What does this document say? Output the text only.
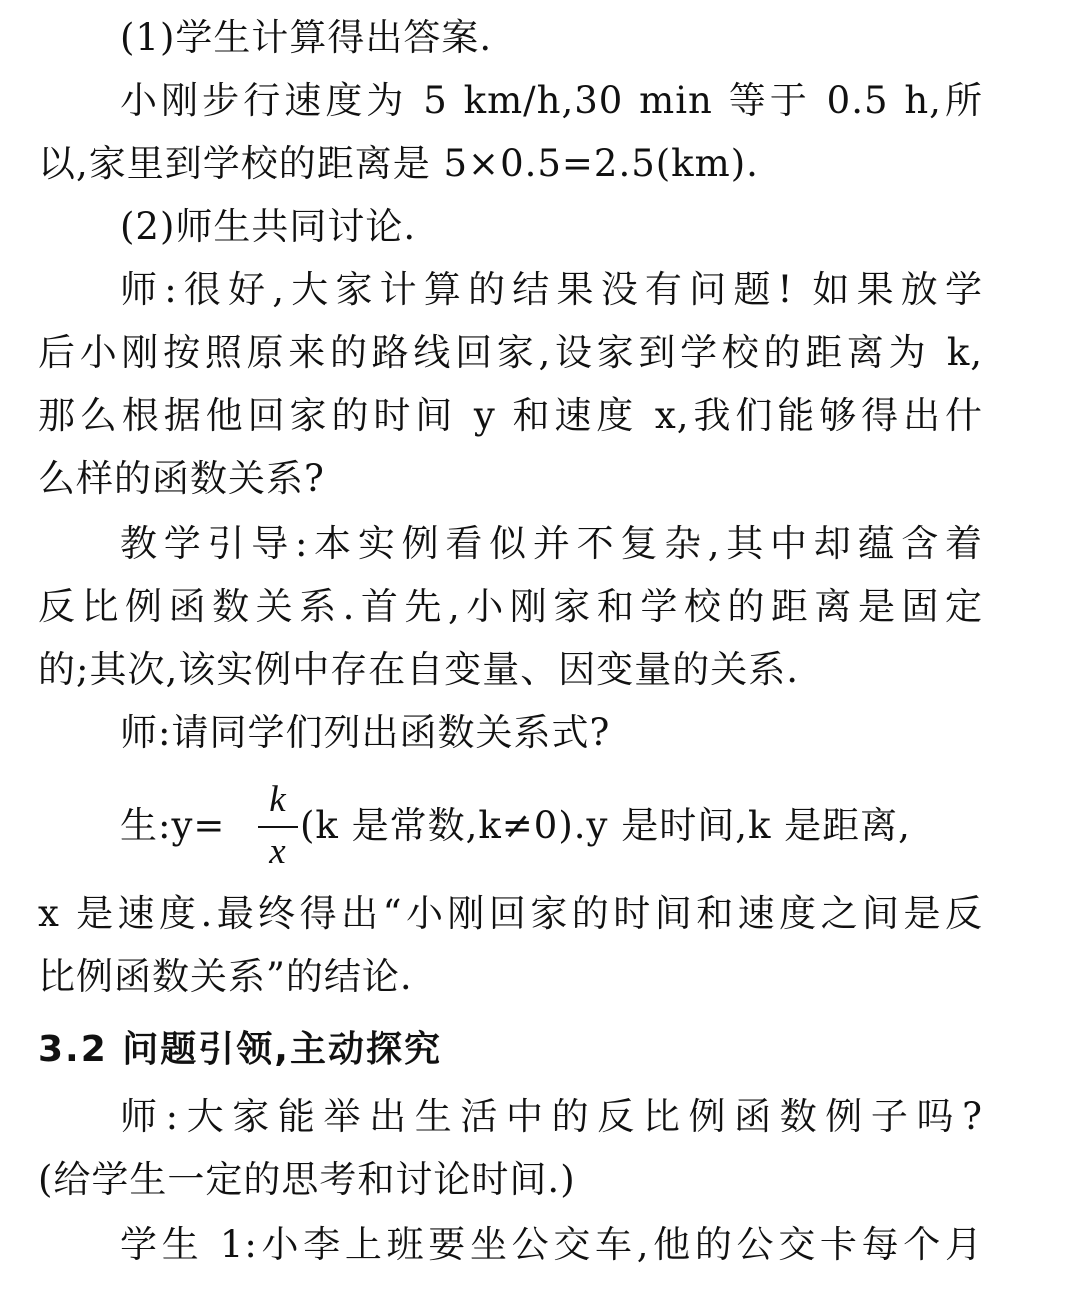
(1)学生计算得出答案.
小刚步行速度为 5 km/h,30 min 等于 0.5 h,所
以,家里到学校的距离是 5×0.5=2.5(km).
(2)师生共同讨论.
师:很好,大家计算的结果没有问题! 如果放学
后小刚按照原来的路线回家,设家到学校的距离为 k,
那么根据他回家的时间 y 和速度 x,我们能够得出什
么样的函数关系?
教学引导:本实例看似并不复杂,其中却蕴含着
反比例函数关系.首先,小刚家和学校的距离是固定
的;其次,该实例中存在自变量、因变量的关系.
师:请同学们列出函数关系式?
生:y=
k
x
(k 是常数,k≠0).y 是时间,k 是距离,
x 是速度.最终得出“小刚回家的时间和速度之间是反
比例函数关系”的结论.
3.2 问题引领,主动探究
师:大家能举出生活中的反比例函数例子吗?
(给学生一定的思考和讨论时间.)
学生 1:小李上班要坐公交车,他的公交卡每个月
